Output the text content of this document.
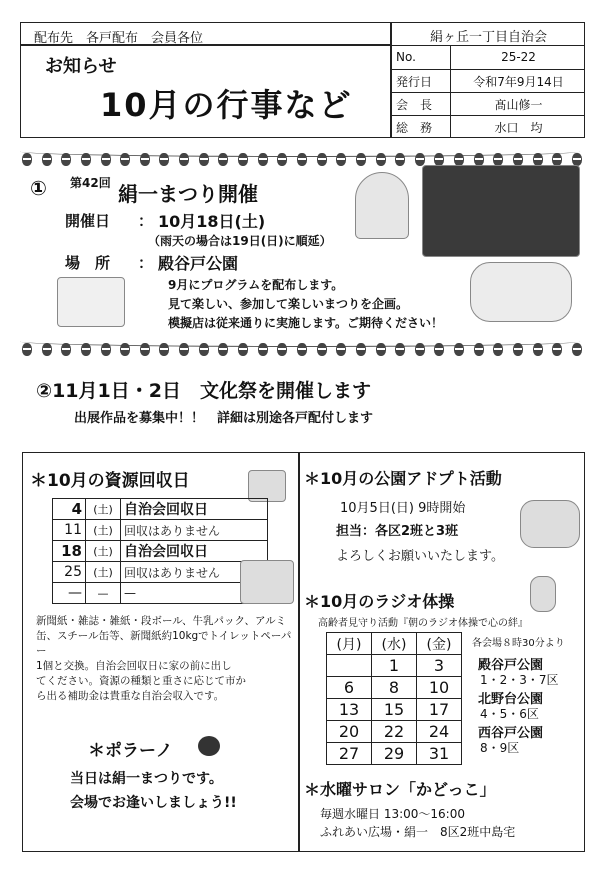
配布先　各戸配布　会員各位
お知らせ
10月の行事など
絹ヶ丘一丁目自治会
No.	25-22
発行日	令和7年9月14日
会　長	髙山修一
総　務	水口　均
① 第42回 絹一まつり開催
開催日 ： 10月18日(土)
（雨天の場合は19日(日)に順延）
場　所 ： 殿谷戸公園
9月にプログラムを配布します。
見て楽しい、参加して楽しいまつりを企画。
模擬店は従来通りに実施します。ご期待ください！
②11月1日・2日　文化祭を開催します
出展作品を募集中！！　詳細は別途各戸配付します
＊10月の資源回収日
4	(土)	自治会回収日
11	(土)	回収はありません
18	(土)	自治会回収日
25	(土)	回収はありません
—	—	—
新聞紙・雑誌・雑紙・段ボール、牛乳パック、アルミ
缶、スチール缶等、新聞紙約10kgでトイレットペーパー
1個と交換。自治会回収日に家の前に出し
てください。資源の種類と重さに応じて市か
ら出る補助金は貴重な自治会収入です。
＊ポラーノ
当日は絹一まつりです。
会場でお逢いしましょう!!
＊10月の公園アドプト活動
10月5日(日) 9時開始
担当：各区2班と3班
よろしくお願いいたします。
＊10月のラジオ体操
高齢者見守り活動『朝のラジオ体操で心の絆』
(月)	(水)	(金)
	1	3
6	8	10
13	15	17
20	22	24
27	29	31
各会場８時30分より
殿谷戸公園
1・2・3・7区
北野台公園
4・5・6区
西谷戸公園
8・9区
＊水曜サロン「かどっこ」
毎週水曜日 13:00～16:00
ふれあい広場・絹一　8区2班中島宅
